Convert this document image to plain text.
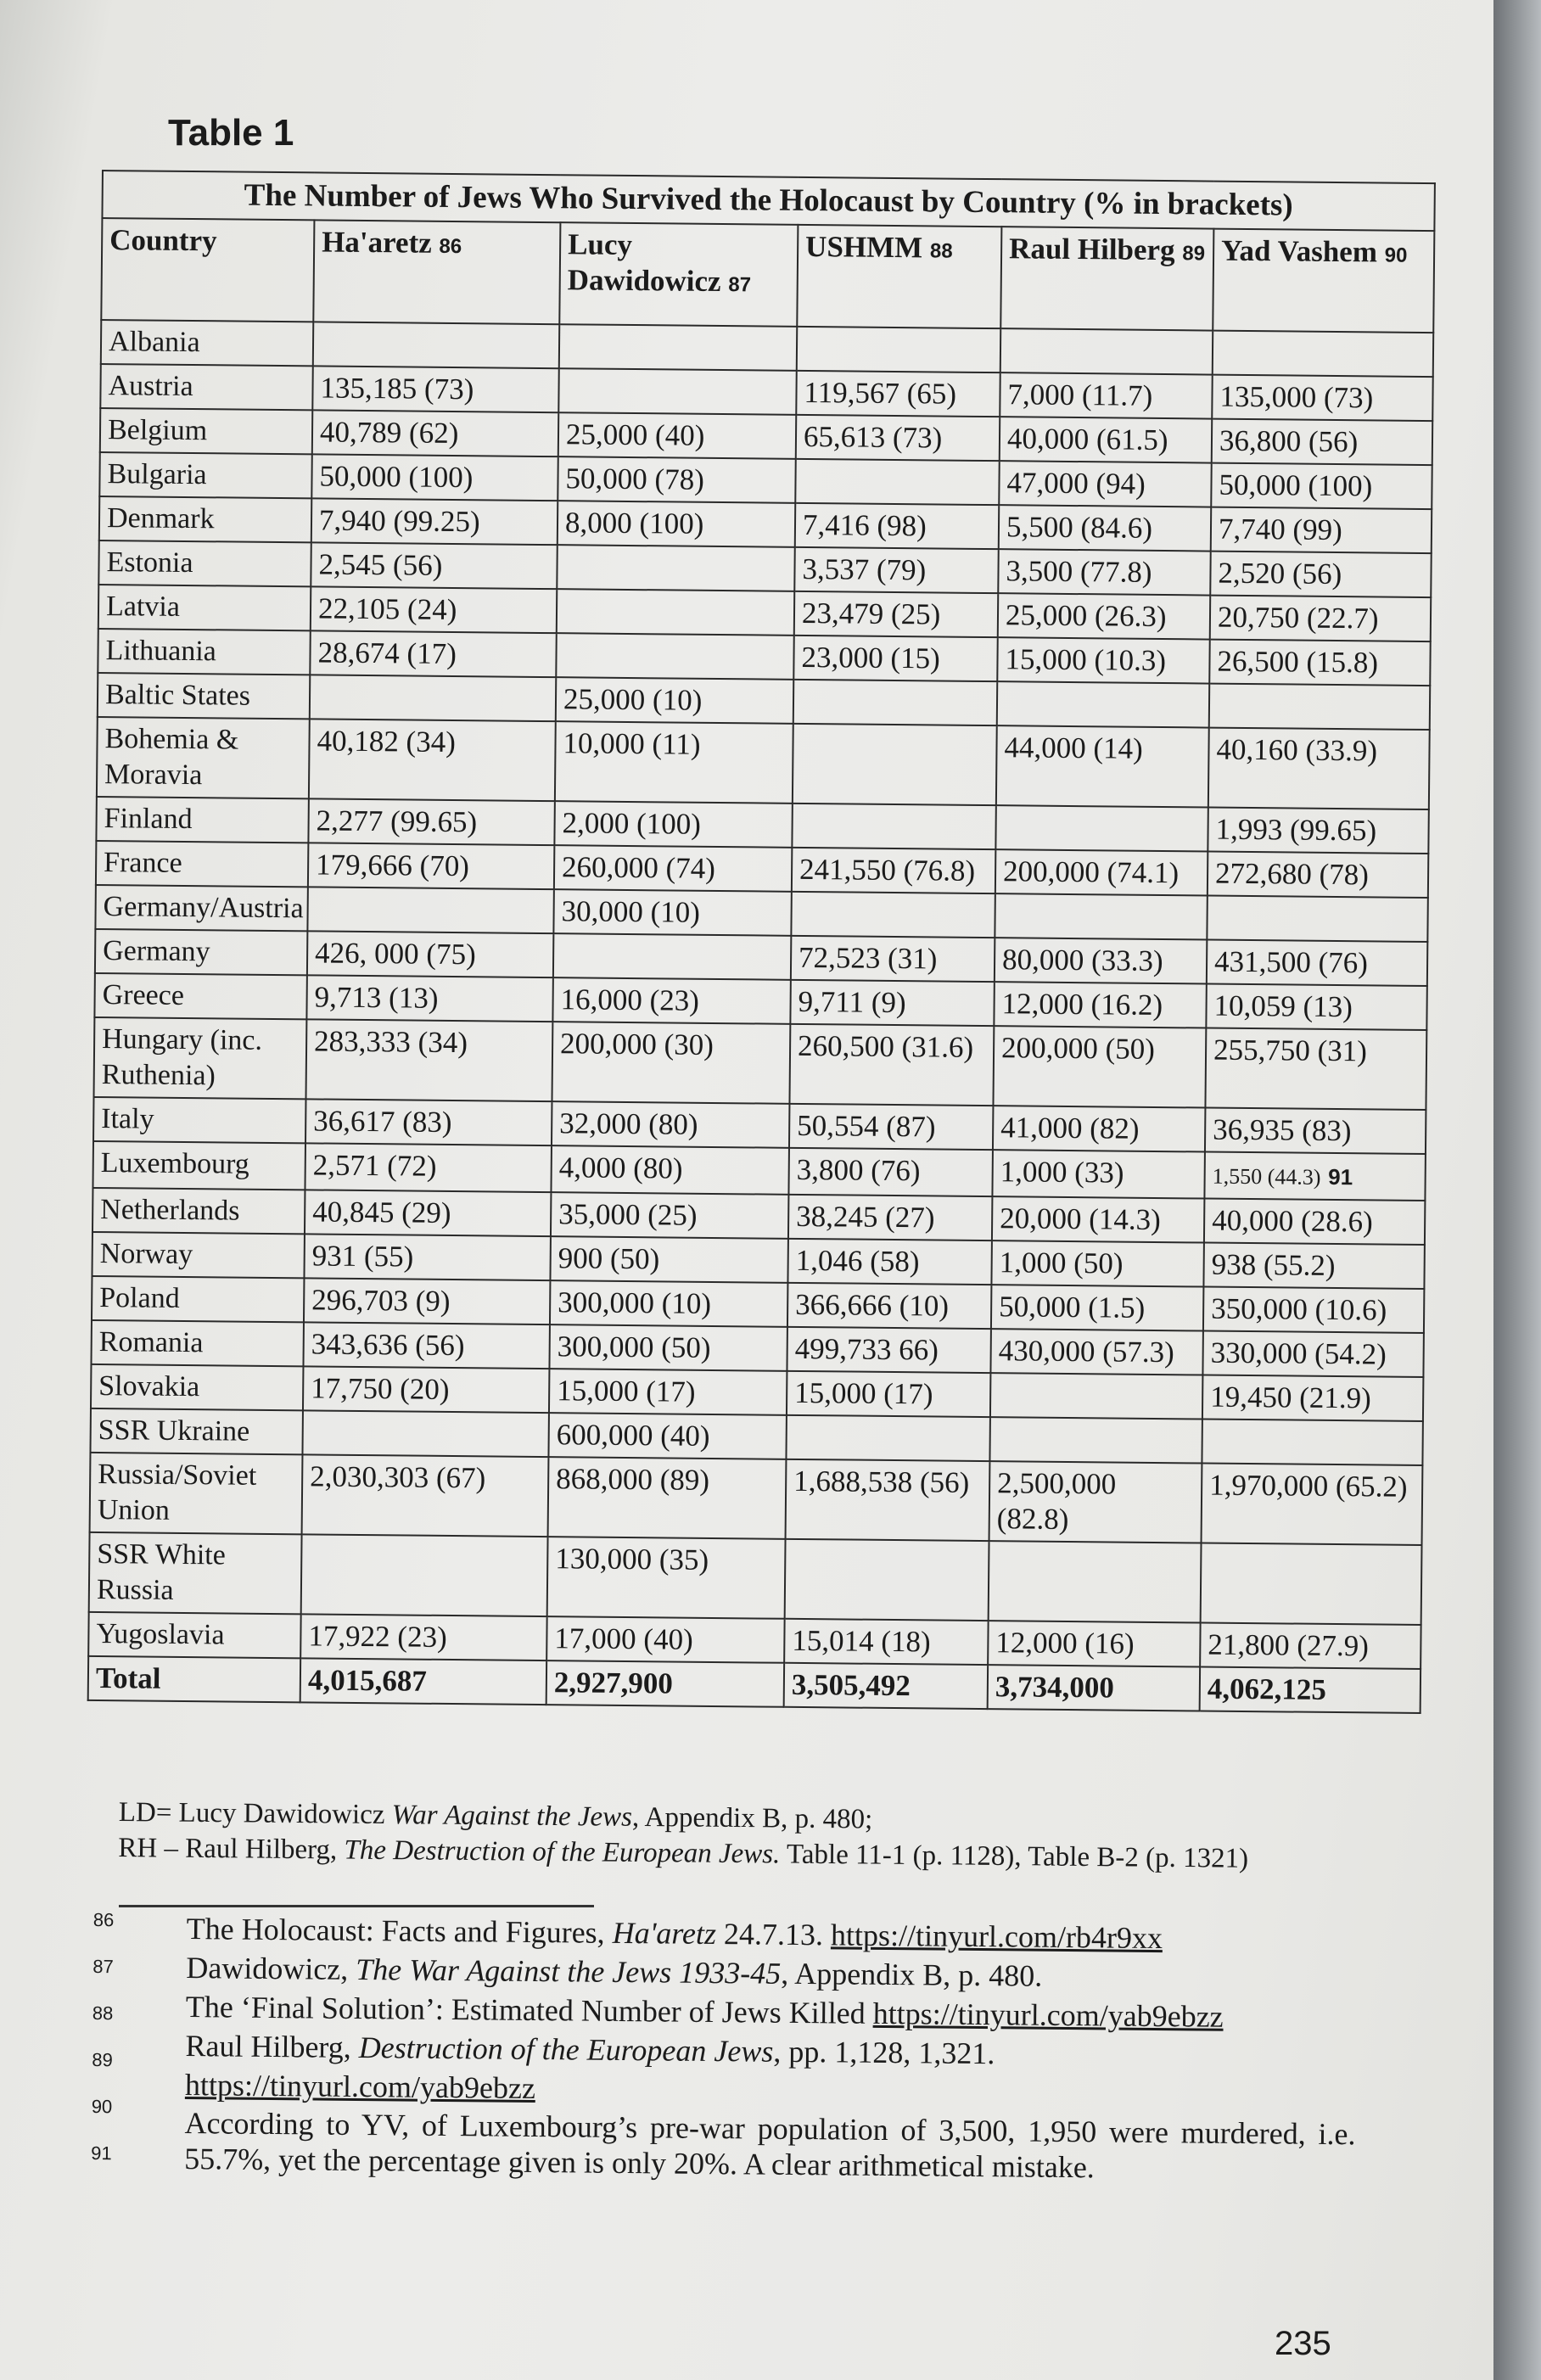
Table 1
The Number of Jews Who Survived the Holocaust by Country (% in brackets)					
Country	Ha'aretz 86	Lucy Dawidowicz 87	USHMM 88	Raul Hilberg 89	Yad Vashem 90
Albania					
Austria	135,185 (73)		119,567 (65)	7,000 (11.7)	135,000 (73)
Belgium	40,789 (62)	25,000 (40)	65,613 (73)	40,000 (61.5)	36,800 (56)
Bulgaria	50,000 (100)	50,000 (78)		47,000 (94)	50,000 (100)
Denmark	7,940 (99.25)	8,000 (100)	7,416 (98)	5,500 (84.6)	7,740 (99)
Estonia	2,545 (56)		3,537 (79)	3,500 (77.8)	2,520 (56)
Latvia	22,105 (24)		23,479 (25)	25,000 (26.3)	20,750 (22.7)
Lithuania	28,674 (17)		23,000 (15)	15,000 (10.3)	26,500 (15.8)
Baltic States		25,000 (10)			
Bohemia & Moravia	40,182 (34)	10,000 (11)		44,000 (14)	40,160 (33.9)
Finland	2,277 (99.65)	2,000 (100)			1,993 (99.65)
France	179,666 (70)	260,000 (74)	241,550 (76.8)	200,000 (74.1)	272,680 (78)
Germany/Austria		30,000 (10)			
Germany	426, 000 (75)		72,523 (31)	80,000 (33.3)	431,500 (76)
Greece	9,713 (13)	16,000 (23)	9,711 (9)	12,000 (16.2)	10,059 (13)
Hungary (inc. Ruthenia)	283,333 (34)	200,000 (30)	260,500 (31.6)	200,000 (50)	255,750 (31)
Italy	36,617 (83)	32,000 (80)	50,554 (87)	41,000 (82)	36,935 (83)
Luxembourg	2,571 (72)	4,000 (80)	3,800 (76)	1,000 (33)	1,550 (44.3) 91
Netherlands	40,845 (29)	35,000 (25)	38,245 (27)	20,000 (14.3)	40,000 (28.6)
Norway	931 (55)	900 (50)	1,046 (58)	1,000 (50)	938 (55.2)
Poland	296,703 (9)	300,000 (10)	366,666 (10)	50,000 (1.5)	350,000 (10.6)
Romania	343,636 (56)	300,000 (50)	499,733 66)	430,000 (57.3)	330,000 (54.2)
Slovakia	17,750 (20)	15,000 (17)	15,000 (17)		19,450 (21.9)
SSR Ukraine		600,000 (40)			
Russia/Soviet Union	2,030,303 (67)	868,000 (89)	1,688,538 (56)	2,500,000 (82.8)	1,970,000 (65.2)
SSR White Russia		130,000 (35)			
Yugoslavia	17,922 (23)	17,000 (40)	15,014 (18)	12,000 (16)	21,800 (27.9)
Total	4,015,687	2,927,900	3,505,492	3,734,000	4,062,125
LD= Lucy Dawidowicz War Against the Jews, Appendix B, p. 480;
RH – Raul Hilberg, The Destruction of the European Jews. Table 11-1 (p. 1128), Table B-2 (p. 1321)
86
87
88
89
90
91
The Holocaust: Facts and Figures, Ha'aretz 24.7.13. https://tinyurl.com/rb4r9xx
Dawidowicz, The War Against the Jews 1933-45, Appendix B, p. 480.
The ‘Final Solution’: Estimated Number of Jews Killed https://tinyurl.com/yab9ebzz
Raul Hilberg, Destruction of the European Jews, pp. 1,128, 1,321.
https://tinyurl.com/yab9ebzz
According to YV, of Luxembourg’s pre-war population of 3,500, 1,950 were murdered, i.e. 55.7%, yet the percentage given is only 20%. A clear arithmetical mistake.
235
